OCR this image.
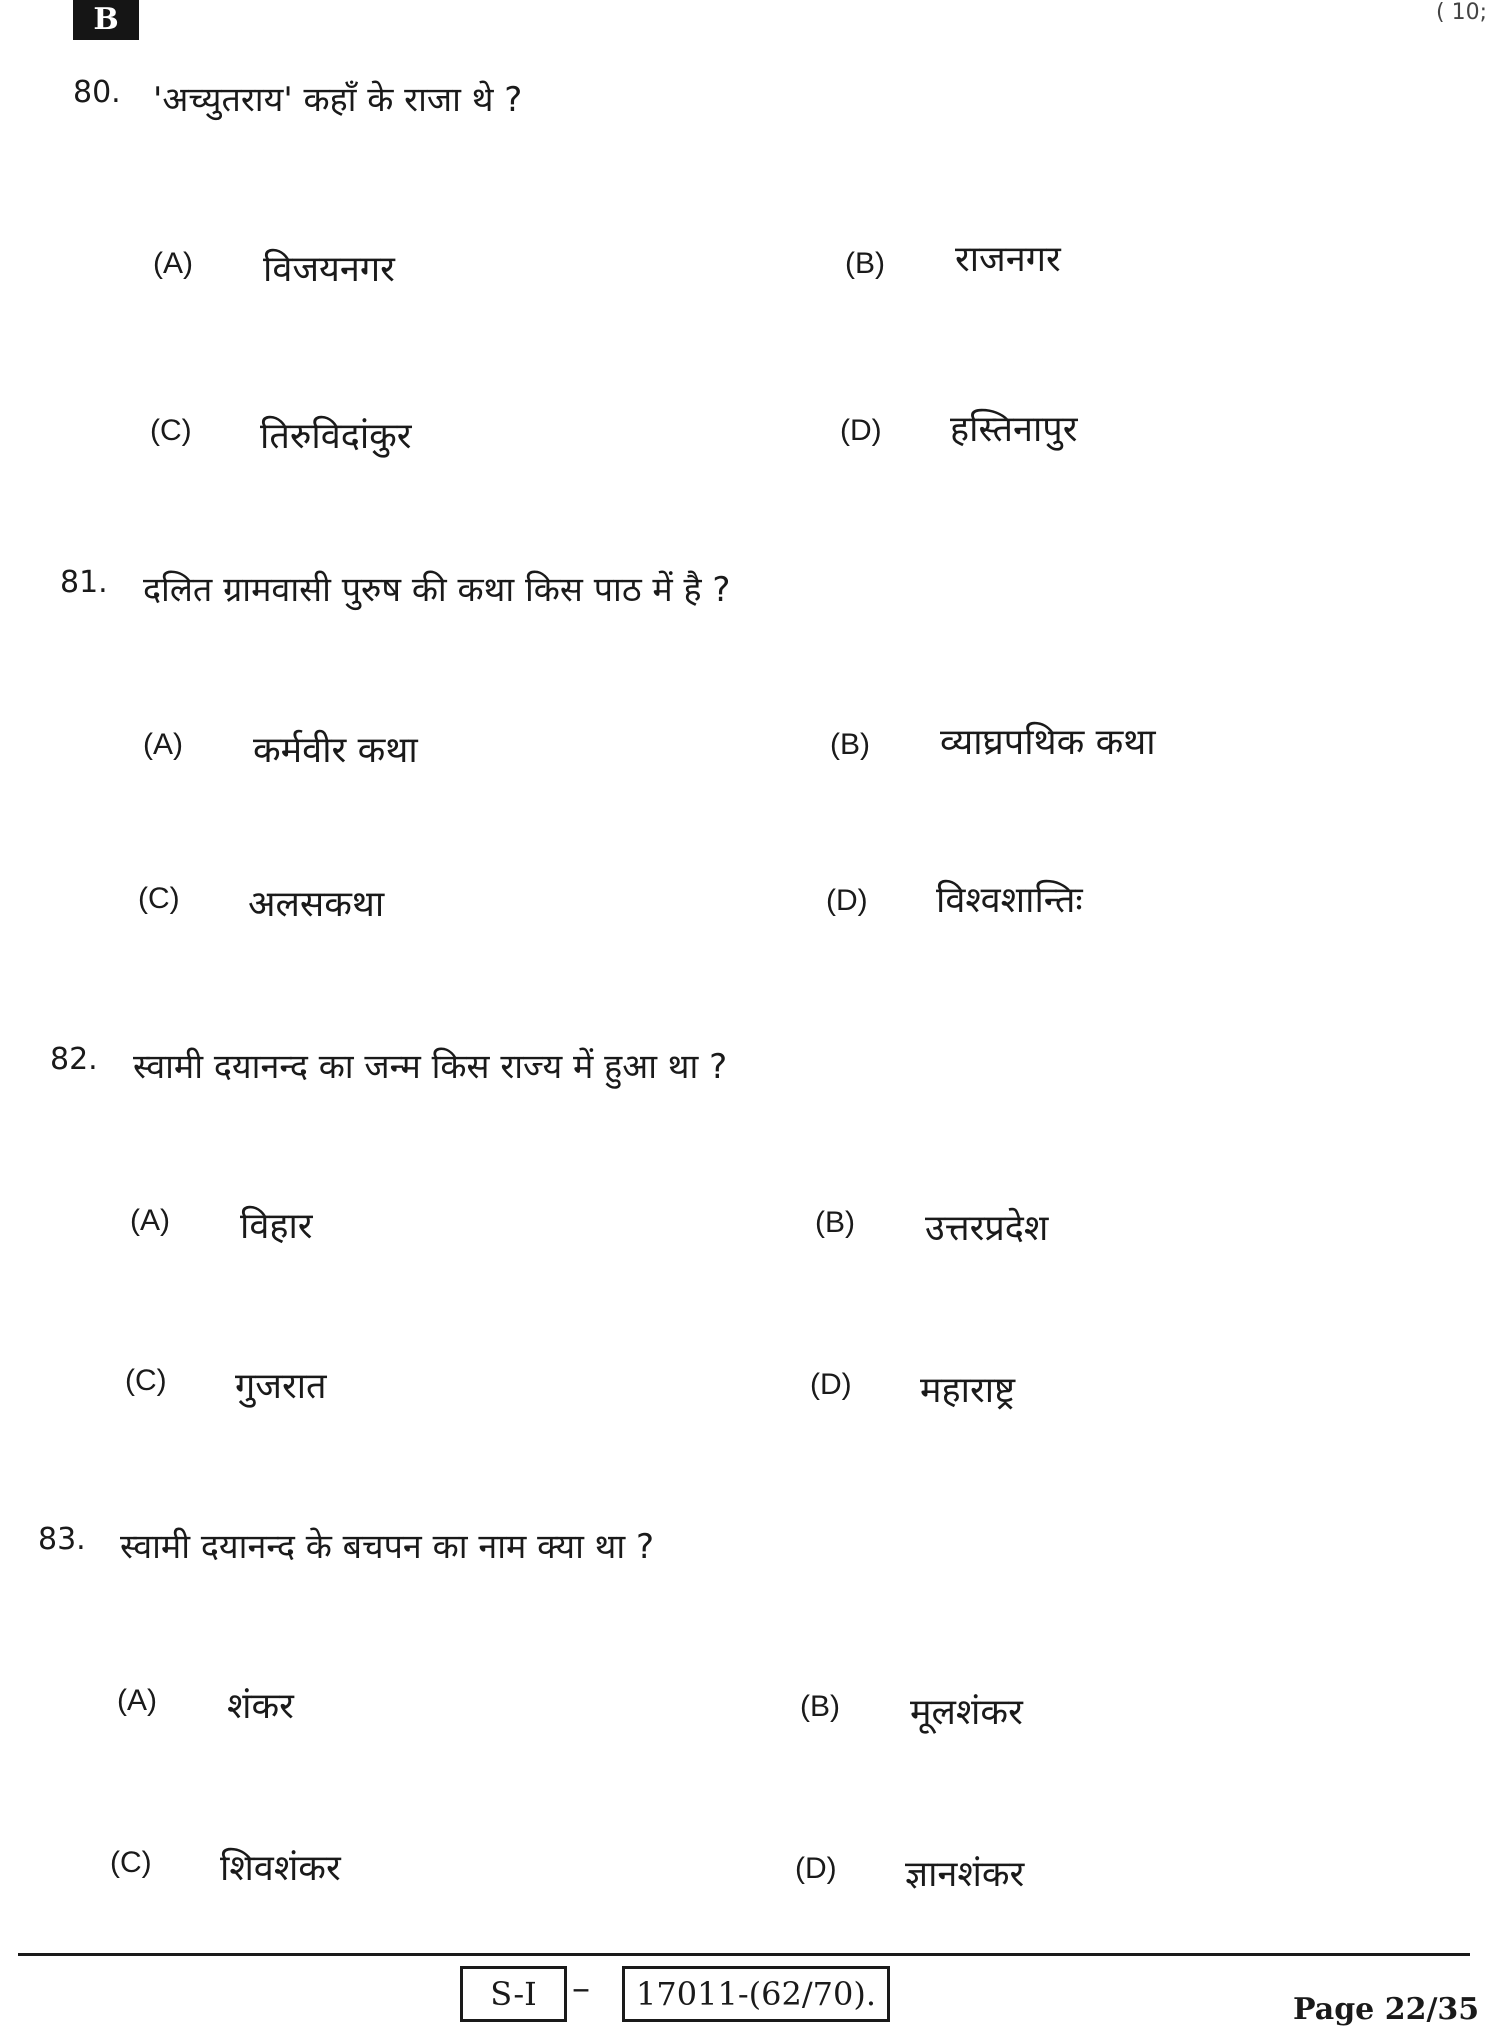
B	( 10;
80. 'अच्युतराय' कहाँ के राजा थे ?
(A) विजयनगर	(B) राजनगर
(C) तिरुविदांकुर	(D) हस्तिनापुर
81. दलित ग्रामवासी पुरुष की कथा किस पाठ में है ?
(A) कर्मवीर कथा	(B) व्याघ्रपथिक कथा
(C) अलसकथा	(D) विश्वशान्तिः
82. स्वामी दयानन्द का जन्म किस राज्य में हुआ था ?
(A) विहार	(B) उत्तरप्रदेश
(C) गुजरात	(D) महाराष्ट्र
83. स्वामी दयानन्द के बचपन का नाम क्या था ?
(A) शंकर	(B) मूलशंकर
(C) शिवशंकर	(D) ज्ञानशंकर
S-I –	17011-(62/70).	Page 22/35
